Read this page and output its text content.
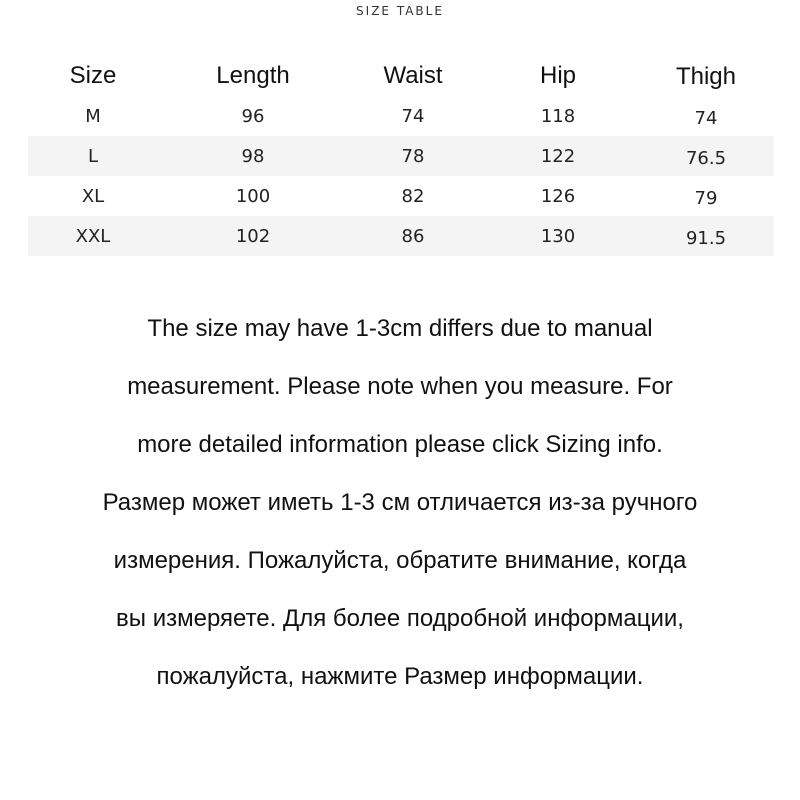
SIZE TABLE
Size	Length	Waist	Hip	Thigh
M	96	74	118	74
L	98	78	122	76.5
XL	100	82	126	79
XXL	102	86	130	91.5
The size may have 1-3cm differs due to manual
measurement. Please note when you measure. For
more detailed information please click Sizing info.
Размер может иметь 1-3 см отличается из-за ручного
измерения. Пожалуйста, обратите внимание, когда
вы измеряете. Для более подробной информации,
пожалуйста, нажмите Размер информации.
